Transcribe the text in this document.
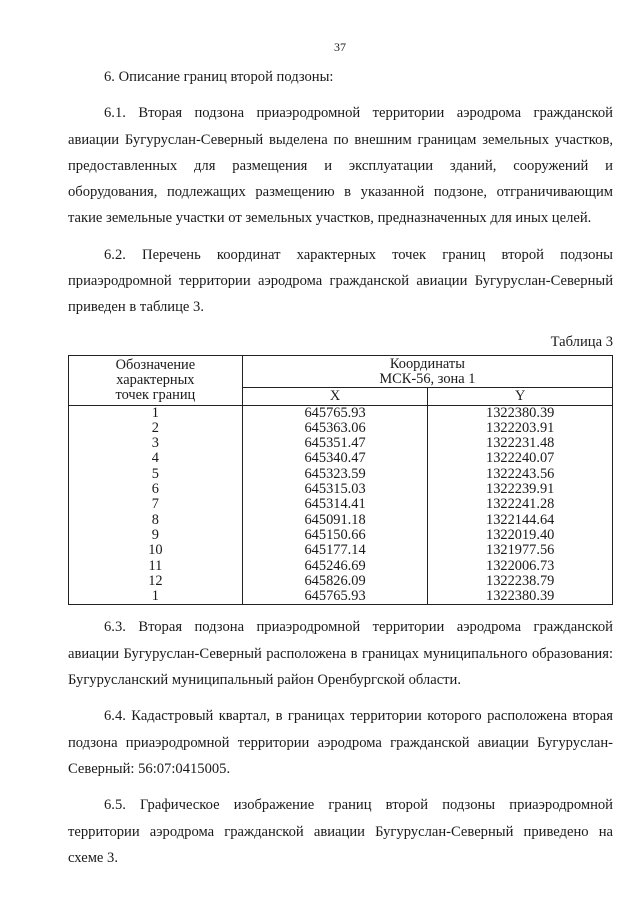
37

6. Описание границ второй подзоны:

6.1. Вторая подзона приаэродромной территории аэродрома гражданской авиации Бугуруслан-Северный выделена по внешним границам земельных участков, предоставленных для размещения и эксплуатации зданий, сооружений и оборудования, подлежащих размещению в указанной подзоне, отграничивающим такие земельные участки от земельных участков, предназначенных для иных целей.

6.2. Перечень координат характерных точек границ второй подзоны приаэродромной территории аэродрома гражданской авиации Бугуруслан-Северный приведен в таблице 3.

Таблица 3

Обозначение характерных точек границ	Координаты МСК-56, зона 1	

	X	Y
1	645765.93	1322380.39
2	645363.06	1322203.91
3	645351.47	1322231.48
4	645340.47	1322240.07
5	645323.59	1322243.56
6	645315.03	1322239.91
7	645314.41	1322241.28
8	645091.18	1322144.64
9	645150.66	1322019.40
10	645177.14	1321977.56
11	645246.69	1322006.73
12	645826.09	1322238.79
1	645765.93	1322380.39

6.3. Вторая подзона приаэродромной территории аэродрома гражданской авиации Бугуруслан-Северный расположена в границах муниципального образования: Бугурусланский муниципальный район Оренбургской области.

6.4. Кадастровый квартал, в границах территории которого расположена вторая подзона приаэродромной территории аэродрома гражданской авиации Бугуруслан-Северный: 56:07:0415005.

6.5. Графическое изображение границ второй подзоны приаэродромной территории аэродрома гражданской авиации Бугуруслан-Северный приведено на схеме 3.
